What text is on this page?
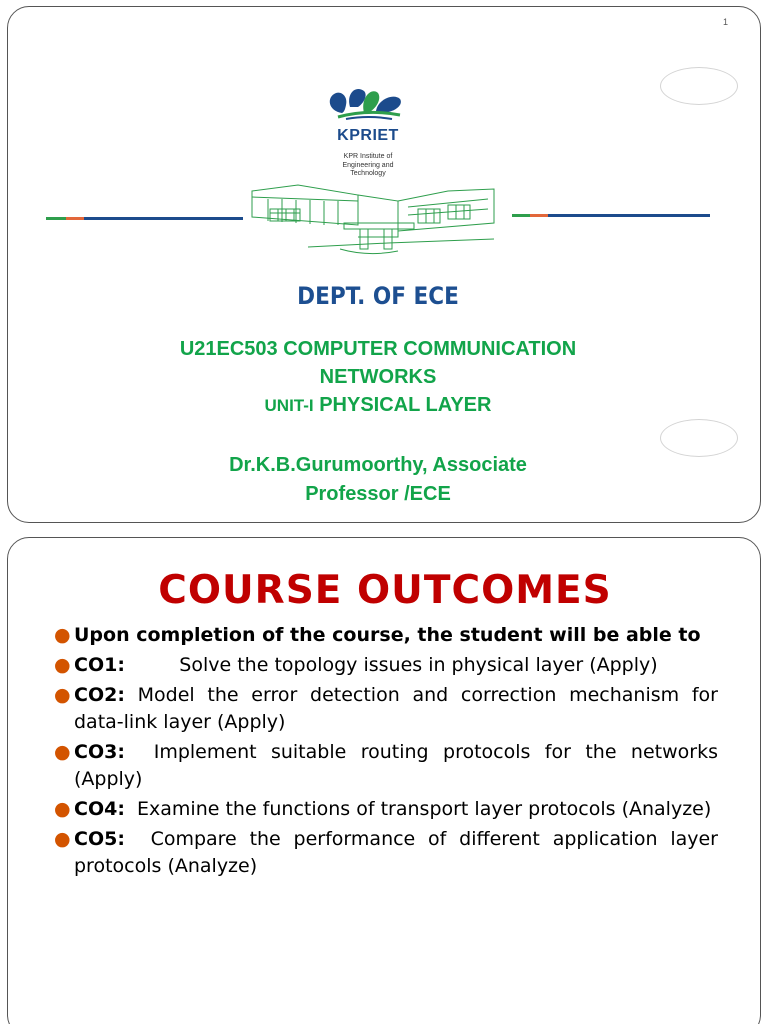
1
KPRIET
KPR Institute of
Engineering and
Technology
DEPT. OF ECE
U21EC503 COMPUTER COMMUNICATION
NETWORKS
UNIT-I PHYSICAL LAYER
Dr.K.B.Gurumoorthy, Associate
Professor /ECE
COURSE OUTCOMES
● Upon completion of the course, the student will be able to
● CO1:	Solve the topology issues in physical layer (Apply)
● CO2: Model the error detection and correction mechanism for data-link layer (Apply)
● CO3: Implement suitable routing protocols for the networks (Apply)
● CO4: Examine the functions of transport layer protocols (Analyze)
● CO5: Compare the performance of different application layer protocols (Analyze)
